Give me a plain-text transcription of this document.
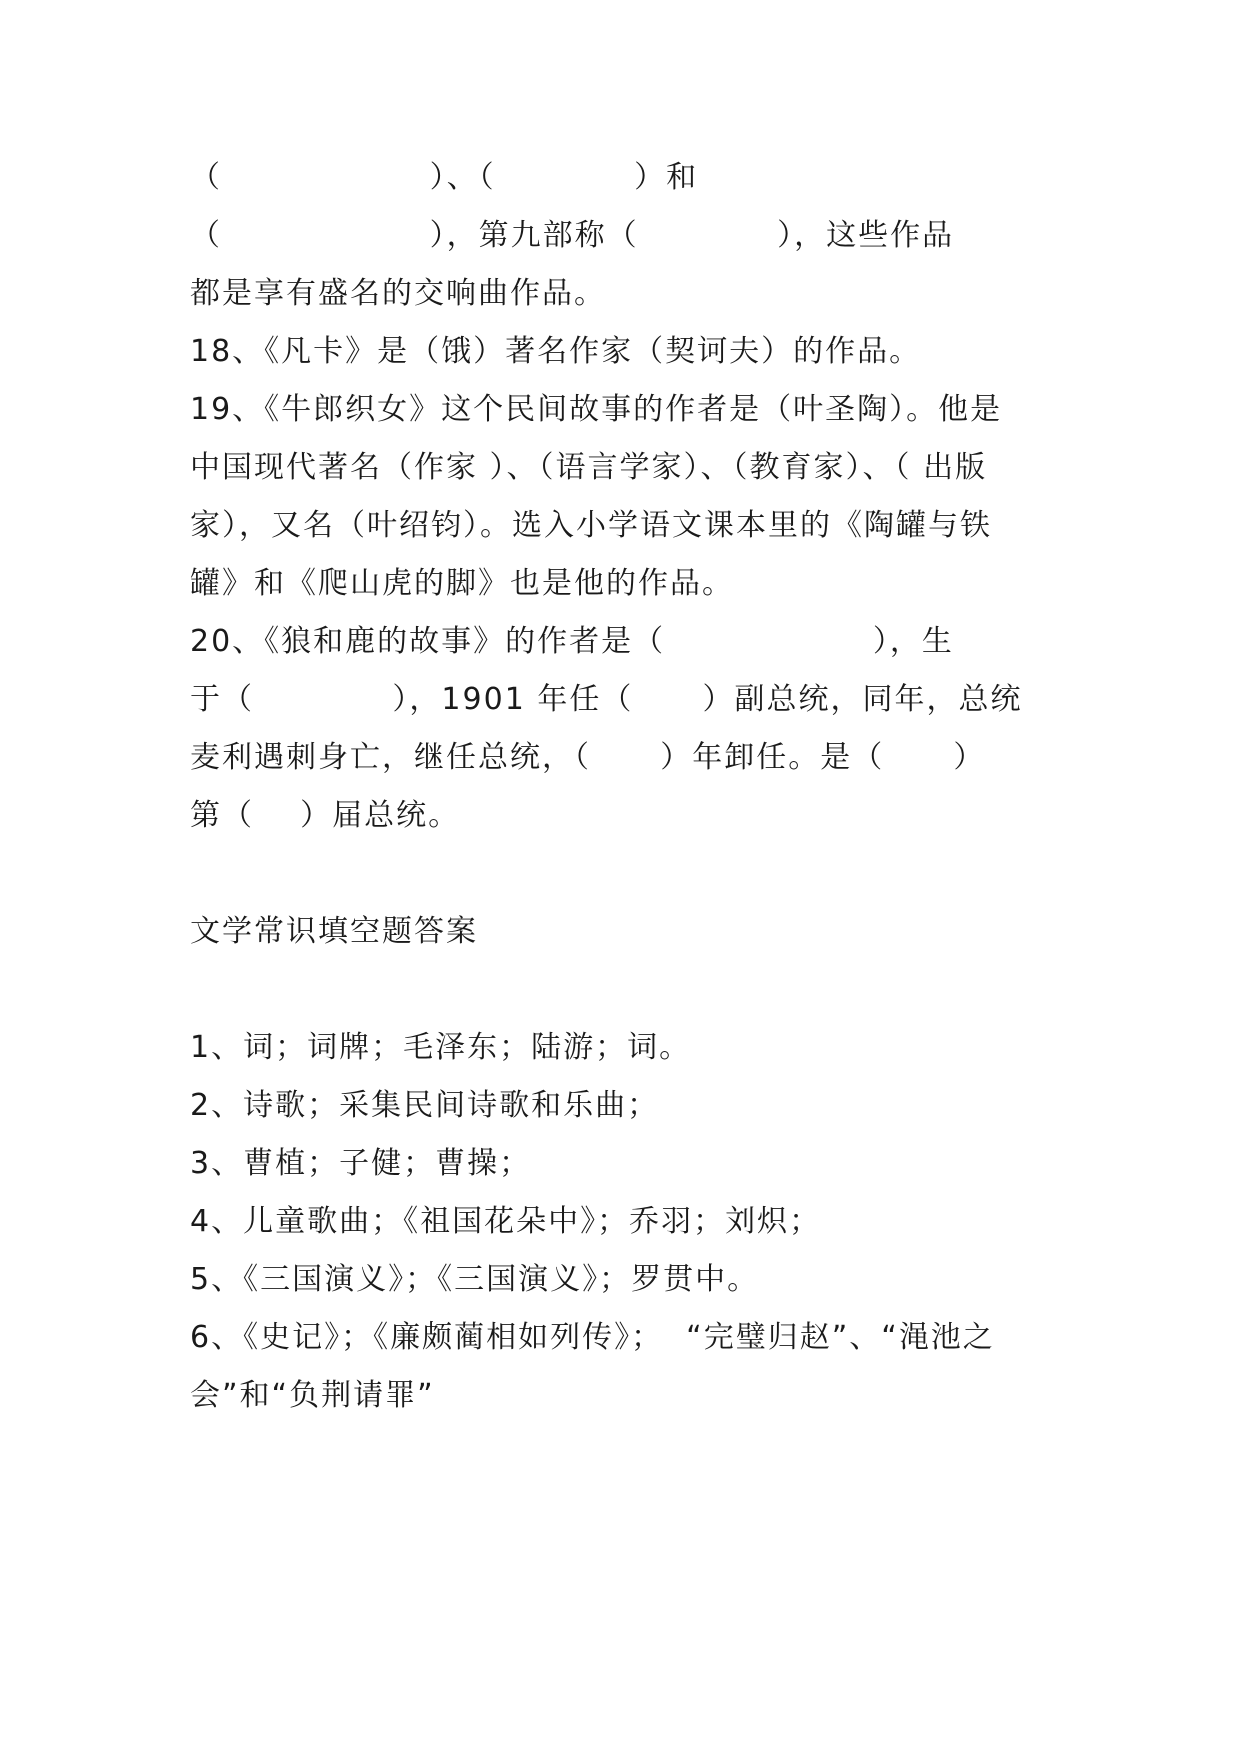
（                  ）、（            ）和
（                  ），第九部称（            ），这些作品
都是享有盛名的交响曲作品。
18、《凡卡》是（饿）著名作家（契诃夫）的作品。
19、《牛郎织女》这个民间故事的作者是（叶圣陶）。他是
中国现代著名（作家 ）、（语言学家）、（教育家）、（ 出版
家），又名（叶绍钧）。选入小学语文课本里的《陶罐与铁
罐》和《爬山虎的脚》也是他的作品。
20、《狼和鹿的故事》的作者是（                  ），生
于（            ），1901 年任（      ）副总统，同年，总统
麦利遇刺身亡，继任总统，（      ）年卸任。是（      ）
第（    ）届总统。
文学常识填空题答案
1、词；词牌；毛泽东；陆游；词。
2、诗歌；采集民间诗歌和乐曲；
3、曹植；子健；曹操；
4、儿童歌曲；《祖国花朵中》；乔羽；刘炽；
5、《三国演义》；《三国演义》；罗贯中。
6、《史记》；《廉颇蔺相如列传》；  “完璧归赵”、“渑池之
会”和“负荆请罪”
